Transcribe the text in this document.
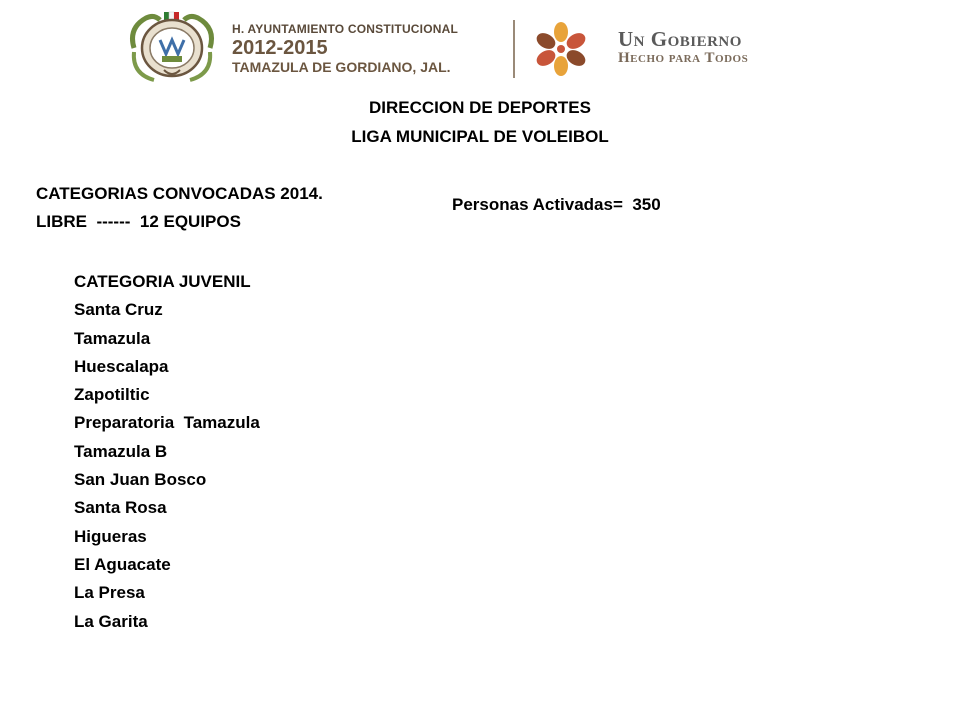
H. AYUNTAMIENTO CONSTITUCIONAL
2012-2015
TAMAZULA DE GORDIANO, JAL.
Un Gobierno
Hecho para Todos
DIRECCION DE DEPORTES
LIGA MUNICIPAL DE VOLEIBOL
CATEGORIAS CONVOCADAS 2014.
LIBRE  ------  12 EQUIPOS
Personas Activadas=  350
CATEGORIA JUVENIL
Santa Cruz
Tamazula
Huescalapa
Zapotiltic
Preparatoria  Tamazula
Tamazula B
San Juan Bosco
Santa Rosa
Higueras
El Aguacate
La Presa
La Garita
